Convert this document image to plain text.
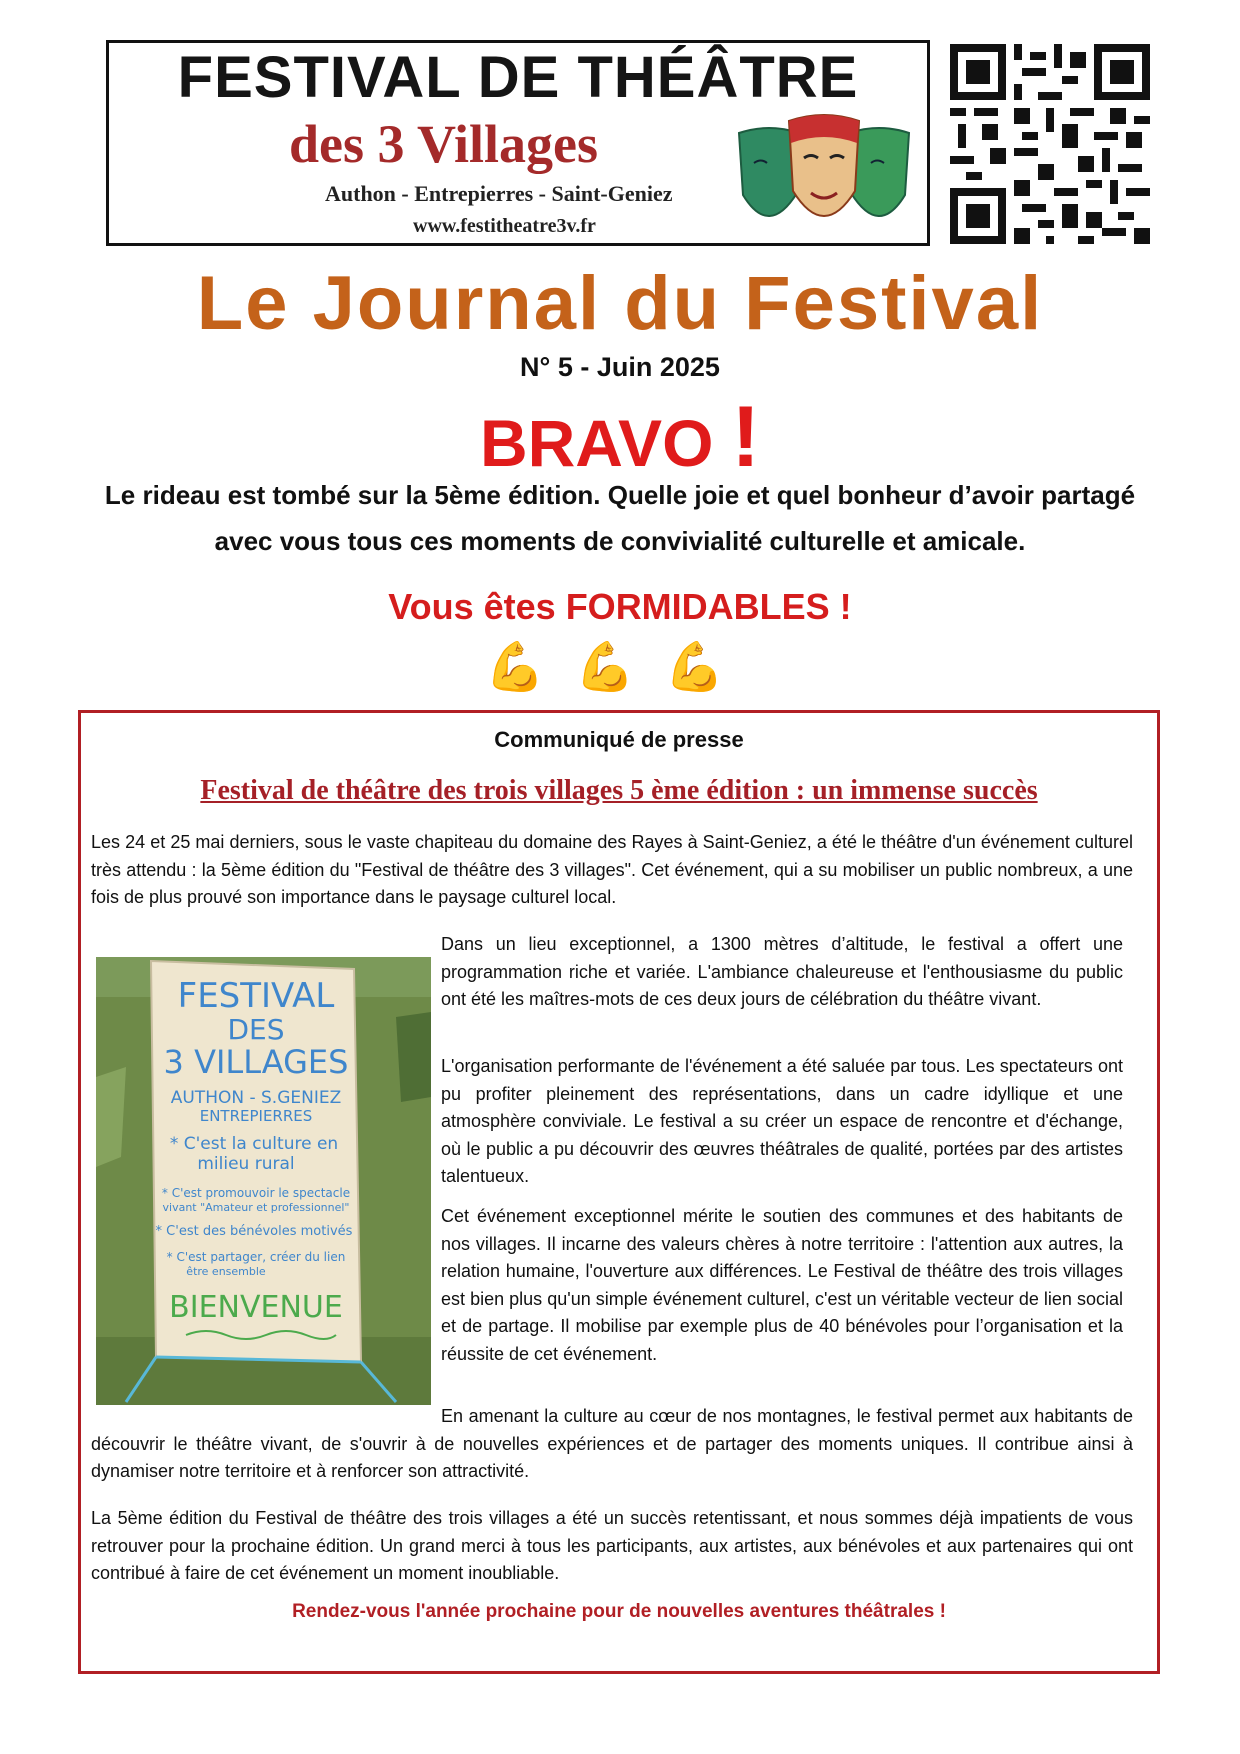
FESTIVAL DE THÉÂTRE
des 3 Villages
Authon - Entrepierres - Saint-Geniez
www.festitheatre3v.fr
Le Journal du Festival
N° 5 - Juin 2025
BRAVO !
Le rideau est tombé sur la 5ème édition. Quelle joie et quel bonheur d’avoir partagé avec vous tous ces moments de convivialité culturelle et amicale.
Vous êtes FORMIDABLES !
💪💪💪
Communiqué de presse
Festival de théâtre des trois villages 5 ème édition : un immense succès

Les 24 et 25 mai derniers, sous le vaste chapiteau du domaine des Rayes à Saint-Geniez, a été le théâtre d'un événement culturel très attendu : la 5ème édition du "Festival de théâtre des 3 villages". Cet événement, qui a su mobiliser un public nombreux, a une fois de plus prouvé son importance dans le paysage culturel local.

FESTIVAL
DES
3 VILLAGES
AUTHON - S.GENIEZ
ENTREPIERRES
* C'est la culture en
milieu rural
* C'est promouvoir le spectacle
vivant "Amateur et professionnel"
* C'est des bénévoles motivés
* C'est partager, créer du lien
être ensemble
BIENVENUE

Dans un lieu exceptionnel, a 1300 mètres d’altitude, le festival a offert une programmation riche et variée. L'ambiance chaleureuse et l'enthousiasme du public ont été les maîtres-mots de ces deux jours de célébration du théâtre vivant.

L'organisation performante de l'événement a été saluée par tous. Les spectateurs ont pu profiter pleinement des représentations, dans un cadre idyllique et une atmosphère conviviale. Le festival a su créer un espace de rencontre et d'échange, où le public a pu découvrir des œuvres théâtrales de qualité, portées par des artistes talentueux.

Cet événement exceptionnel mérite le soutien des communes et des habitants de nos villages. Il incarne des valeurs chères à notre territoire : l'attention aux autres, la relation humaine, l'ouverture aux différences. Le Festival de théâtre des trois villages est bien plus qu'un simple événement culturel, c'est un véritable vecteur de lien social et de partage. Il mobilise par exemple plus de 40 bénévoles pour l’organisation et la réussite de cet événement.

En amenant la culture au cœur de nos montagnes, le festival permet aux habitants de découvrir le théâtre vivant, de s'ouvrir à de nouvelles expériences et de partager des moments uniques. Il contribue ainsi à dynamiser notre territoire et à renforcer son attractivité.

La 5ème édition du Festival de théâtre des trois villages a été un succès retentissant, et nous sommes déjà impatients de vous retrouver pour la prochaine édition. Un grand merci à tous les participants, aux artistes, aux bénévoles et aux partenaires qui ont contribué à faire de cet événement un moment inoubliable.

Rendez-vous l'année prochaine pour de nouvelles aventures théâtrales !
